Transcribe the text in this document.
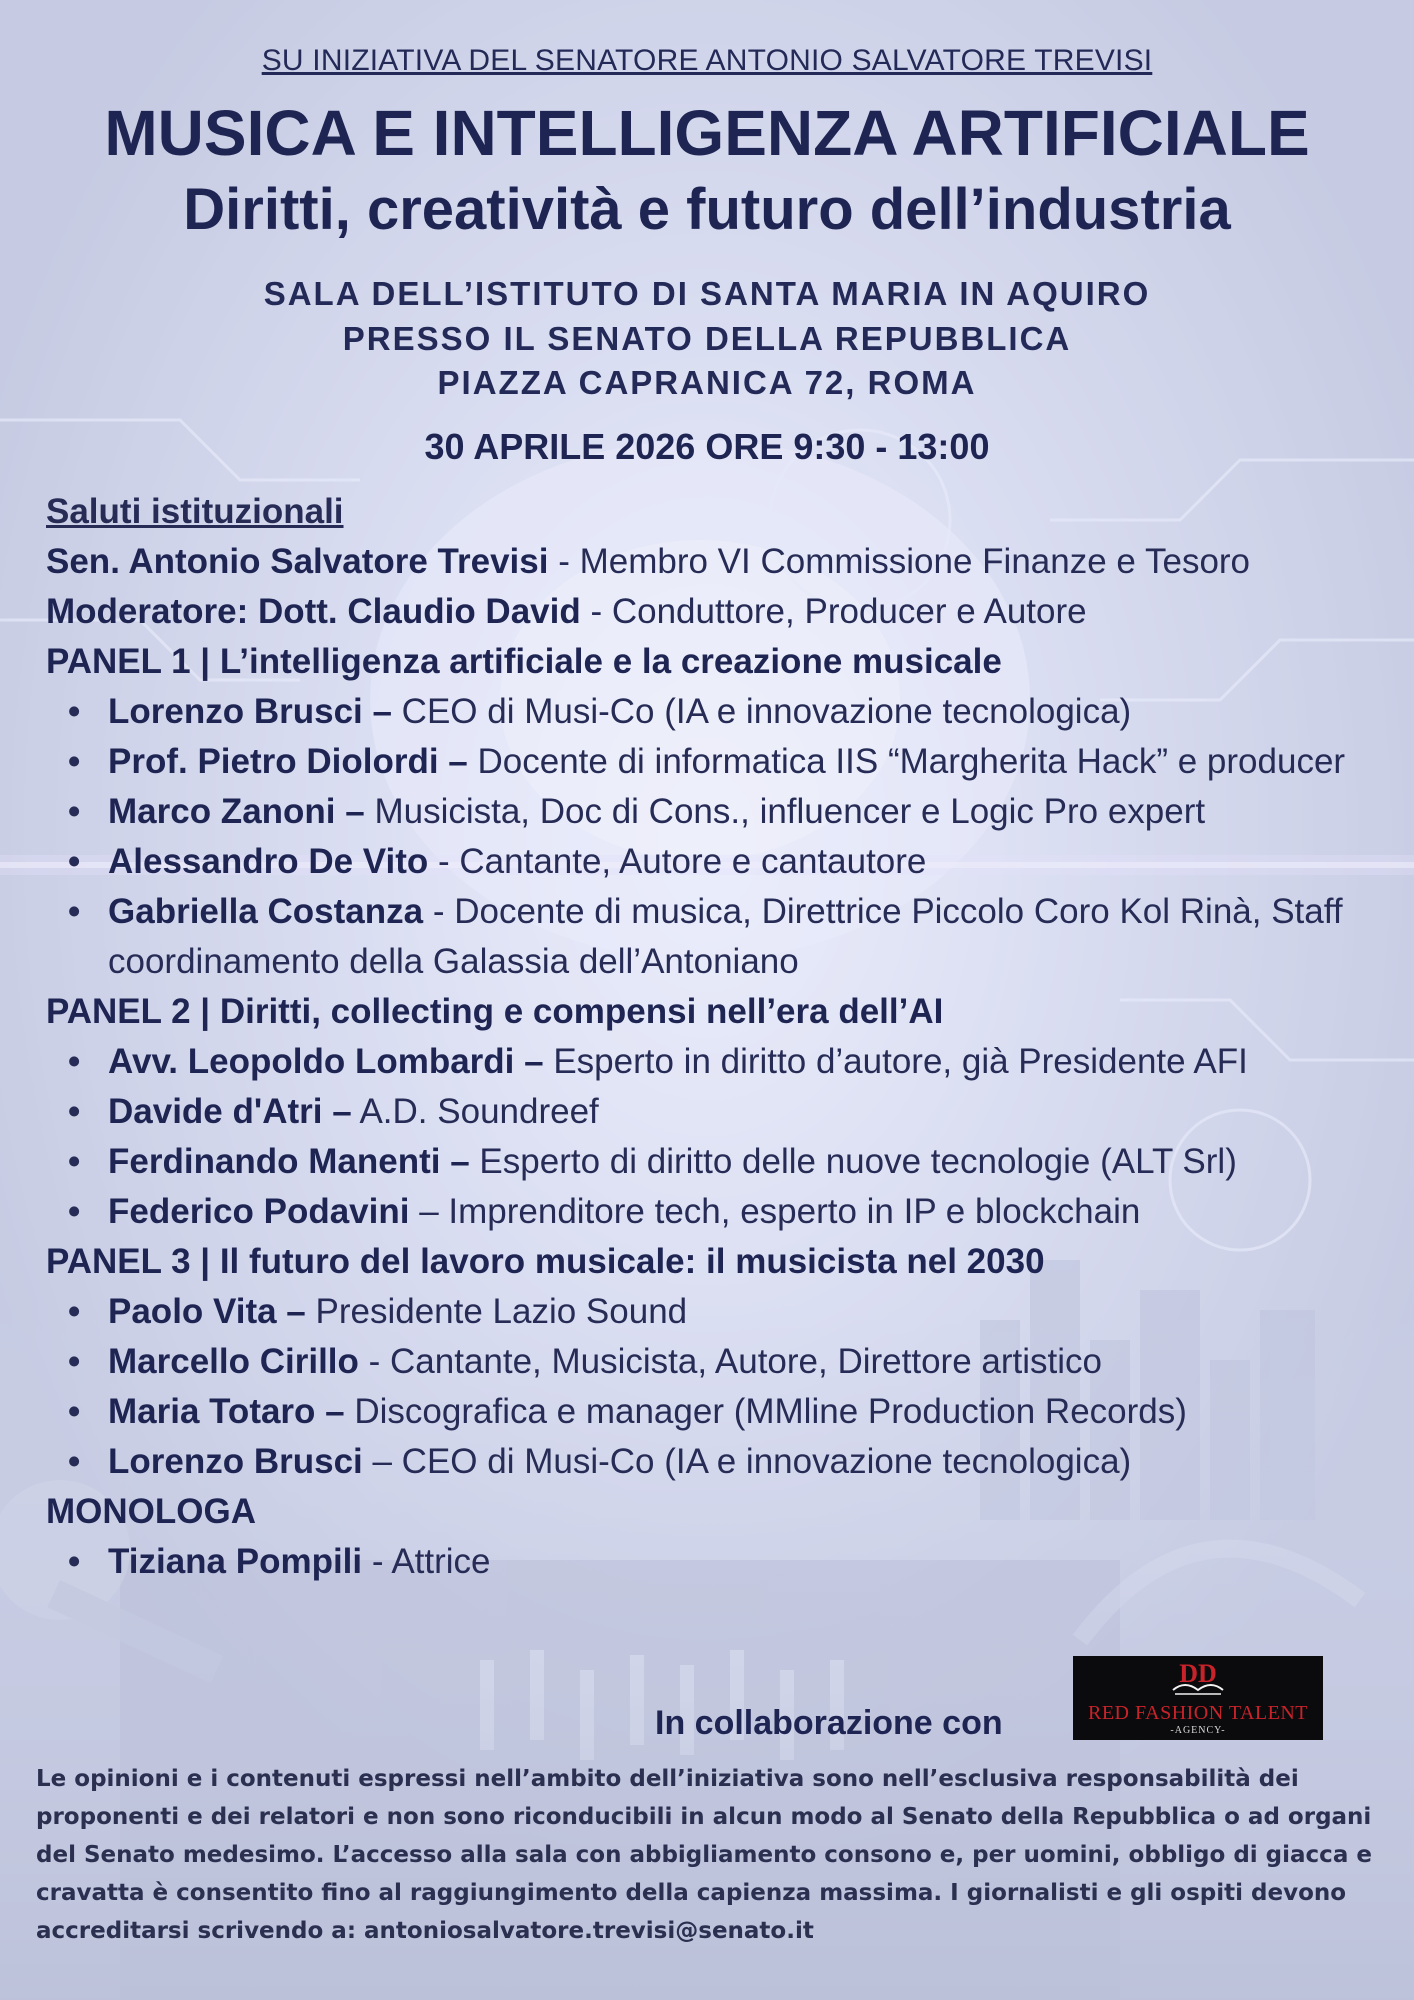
SU INIZIATIVA DEL SENATORE ANTONIO SALVATORE TREVISI
MUSICA E INTELLIGENZA ARTIFICIALE
Diritti, creatività e futuro dell’industria
SALA DELL’ISTITUTO DI SANTA MARIA IN AQUIRO
PRESSO IL SENATO DELLA REPUBBLICA
PIAZZA CAPRANICA 72, ROMA
30 APRILE 2026 ORE 9:30 - 13:00
Saluti istituzionali
Sen. Antonio Salvatore Trevisi - Membro VI Commissione Finanze e Tesoro
Moderatore: Dott. Claudio David - Conduttore, Producer e Autore
PANEL 1 | L’intelligenza artificiale e la creazione musicale
• Lorenzo Brusci – CEO di Musi-Co (IA e innovazione tecnologica)
• Prof. Pietro Diolordi – Docente di informatica IIS “Margherita Hack” e producer
• Marco Zanoni – Musicista, Doc di Cons., influencer e Logic Pro expert
• Alessandro De Vito - Cantante, Autore e cantautore
• Gabriella Costanza - Docente di musica, Direttrice Piccolo Coro Kol Rinà, Staff coordinamento della Galassia dell’Antoniano
PANEL 2 | Diritti, collecting e compensi nell’era dell’AI
• Avv. Leopoldo Lombardi – Esperto in diritto d’autore, già Presidente AFI
• Davide d'Atri – A.D. Soundreef
• Ferdinando Manenti – Esperto di diritto delle nuove tecnologie (ALT Srl)
• Federico Podavini – Imprenditore tech, esperto in IP e blockchain
PANEL 3 | Il futuro del lavoro musicale: il musicista nel 2030
• Paolo Vita – Presidente Lazio Sound
• Marcello Cirillo - Cantante, Musicista, Autore, Direttore artistico
• Maria Totaro – Discografica e manager (MMline Production Records)
• Lorenzo Brusci – CEO di Musi-Co (IA e innovazione tecnologica)
MONOLOGA
• Tiziana Pompili - Attrice
In collaborazione con
DD
RED FASHION TALENT
-AGENCY-
Le opinioni e i contenuti espressi nell’ambito dell’iniziativa sono nell’esclusiva responsabilità dei proponenti e dei relatori e non sono riconducibili in alcun modo al Senato della Repubblica o ad organi del Senato medesimo. L’accesso alla sala con abbigliamento consono e, per uomini, obbligo di giacca e cravatta è consentito fino al raggiungimento della capienza massima. I giornalisti e gli ospiti devono accreditarsi scrivendo a: antoniosalvatore.trevisi@senato.it
